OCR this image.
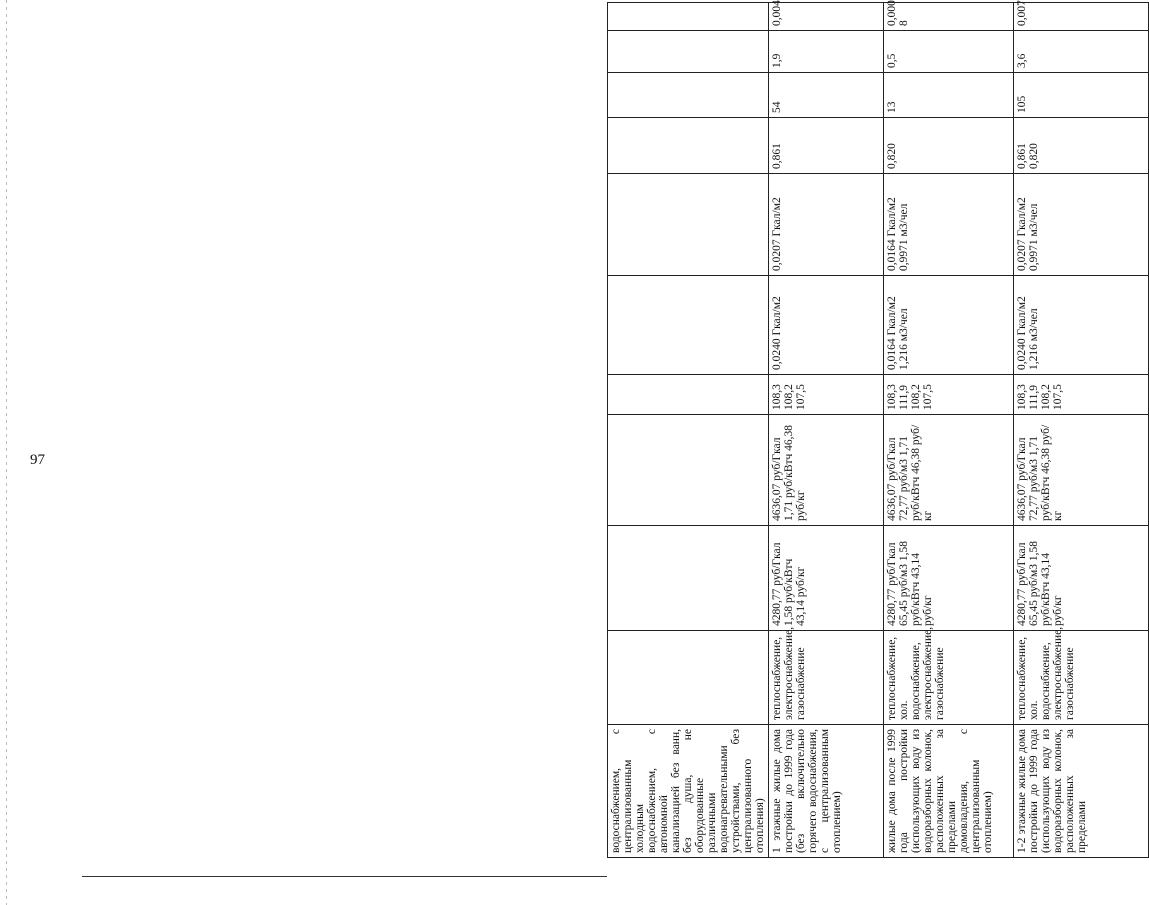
97
водоснабжением, с централизованным холодным водоснабжением, с автономной канализацией без ванн, без душа, не оборудованные различными водонагревательными устройствами, без централизованного отопления)										
1 этажные жилые дома постройки до 1999 года (без включительно горячего водоснабжения, с централизованным отоплением)	теплоснабжение, электроснабжение, газоснабжение	4280,77 руб/Гкал 1,58 руб/кВтч 43,14 руб/кг	4636,07 руб/Гкал 1,71 руб/кВтч 46,38 руб/кг	108,3 108,2 107,5	0,0240 Гкал/м2	0,0207 Гкал/м2	0,861	54	1,9	0,004
жилые дома после 1999 года постройки (использующих воду из водоразборных колонок, расположенных за пределами домовладения, с централизованным отоплением)	теплоснабжение, хол. водоснабжение, электроснабжение, газоснабжение	4280,77 руб/Гкал 65,45 руб/м3 1,58 руб/кВтч 43,14 руб/кг	4636,07 руб/Гкал 72,77 руб/м3 1,71 руб/кВтч 46,38 руб/кг	108,3 111,9 108,2 107,5	0,0164 Гкал/м2 1,216 м3/чел	0,0164 Гкал/м2 0,9971 м3/чел	0,820	13	0,5	0,000 8
1-2 этажные жилые дома постройки до 1999 года (использующих воду из водоразборных колонок, расположенных за пределами	теплоснабжение, хол. водоснабжение, электроснабжение, газоснабжение	4280,77 руб/Гкал 65,45 руб/м3 1,58 руб/кВтч 43,14 руб/кг	4636,07 руб/Гкал 72,77 руб/м3 1,71 руб/кВтч 46,38 руб/кг	108,3 111,9 108,2 107,5	0,0240 Гкал/м2 1,216 м3/чел	0,0207 Гкал/м2 0,9971 м3/чел	0,861 0,820	105	3,6	0,007
